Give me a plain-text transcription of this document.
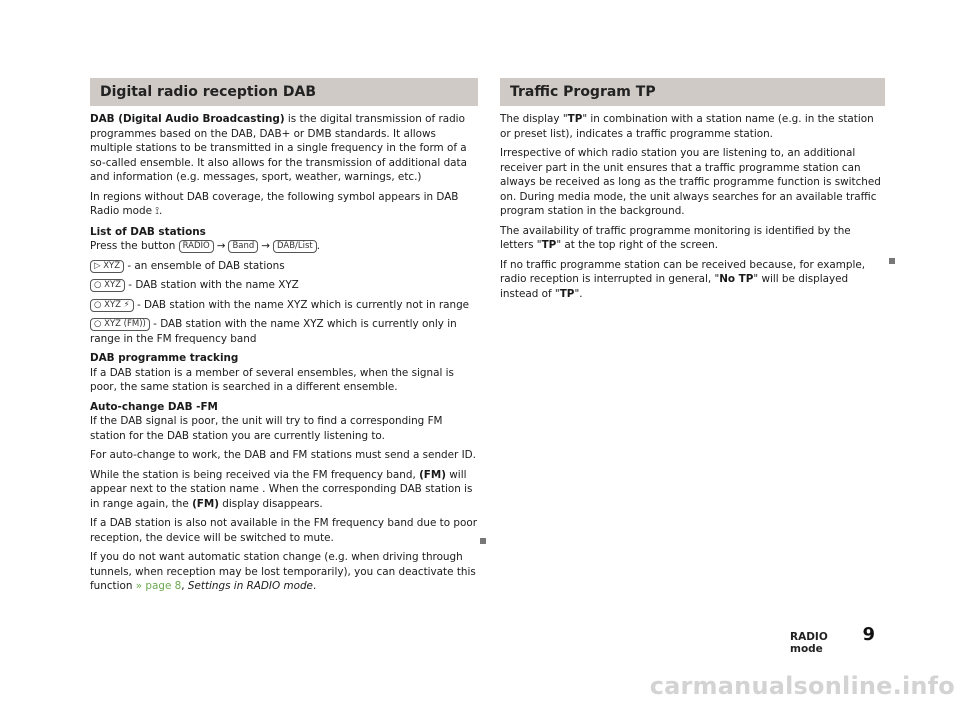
Digital radio reception DAB

DAB (Digital Audio Broadcasting) is the digital transmission of radio programmes based on the DAB, DAB+ or DMB standards. It allows multiple stations to be transmitted in a single frequency in the form of a so-called ensemble. It also allows for the transmission of additional data and information (e.g. messages, sport, weather, warnings, etc.)

In regions without DAB coverage, the following symbol appears in DAB Radio mode ⟟.

List of DAB stations
Press the button RADIO → Band → DAB/List .

▷ XYZ - an ensemble of DAB stations

○ XYZ - DAB station with the name XYZ

○ XYZ ⚡ - DAB station with the name XYZ which is currently not in range

○ XYZ (FM)) - DAB station with the name XYZ which is currently only in range in the FM frequency band

DAB programme tracking
If a DAB station is a member of several ensembles, when the signal is poor, the same station is searched in a different ensemble.

Auto-change DAB -FM
If the DAB signal is poor, the unit will try to find a corresponding FM station for the DAB station you are currently listening to.

For auto-change to work, the DAB and FM stations must send a sender ID.

While the station is being received via the FM frequency band, (FM) will appear next to the station name . When the corresponding DAB station is in range again, the (FM) display disappears.

If a DAB station is also not available in the FM frequency band due to poor reception, the device will be switched to mute.

If you do not want automatic station change (e.g. when driving through tunnels, when reception may be lost temporarily), you can deactivate this function » page 8, Settings in RADIO mode.

Traffic Program TP

The display "TP" in combination with a station name (e.g. in the station or preset list), indicates a traffic programme station.

Irrespective of which radio station you are listening to, an additional receiver part in the unit ensures that a traffic programme station can always be received as long as the traffic programme function is switched on. During media mode, the unit always searches for an available traffic program station in the background.

The availability of traffic programme monitoring is identified by the letters "TP" at the top right of the screen.

If no traffic programme station can be received because, for example, radio reception is interrupted in general, "No TP" will be displayed instead of "TP".

RADIO mode
9
carmanualsonline.info
